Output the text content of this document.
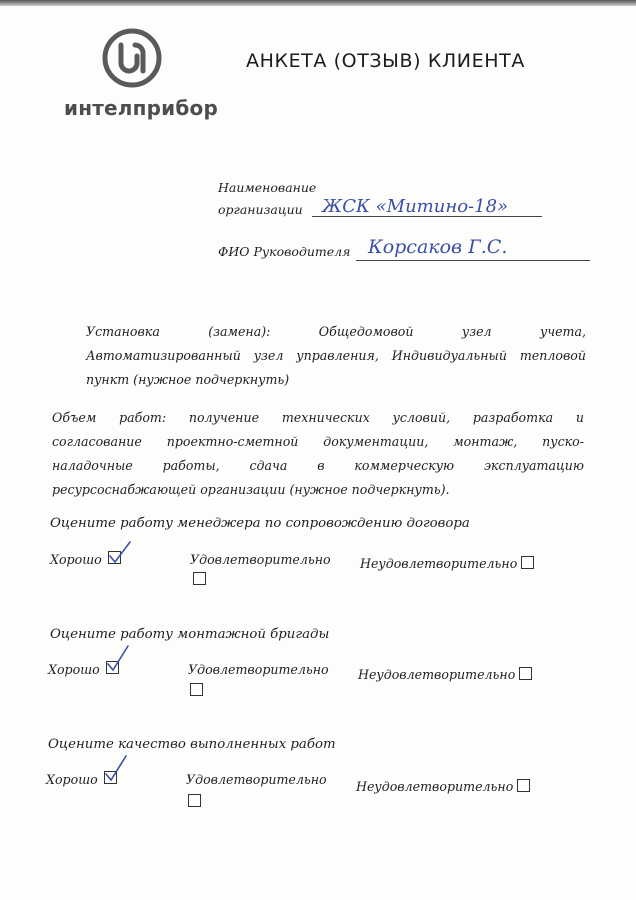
интелприбор
АНКЕТА (ОТЗЫВ) КЛИЕНТА
Наименование
организации ЖСК «Митино-18»
ФИО Руководителя Корсаков Г.С.
Установка (замена): Общедомовой узел учета,
Автоматизированный узел управления, Индивидуальный тепловой
пункт (нужное подчеркнуть)
Объем работ: получение технических условий, разработка и
согласование проектно-сметной документации, монтаж, пуско-
наладочные работы, сдача в коммерческую эксплуатацию
ресурсоснабжающей организации (нужное подчеркнуть).
Оцените работу менеджера по сопровождению договора
Хорошо	Удовлетворительно Неудовлетворительно
Оцените работу монтажной бригады
Хорошо	Удовлетворительно Неудовлетворительно
Оцените качество выполненных работ
Хорошо	Удовлетворительно Неудовлетворительно
